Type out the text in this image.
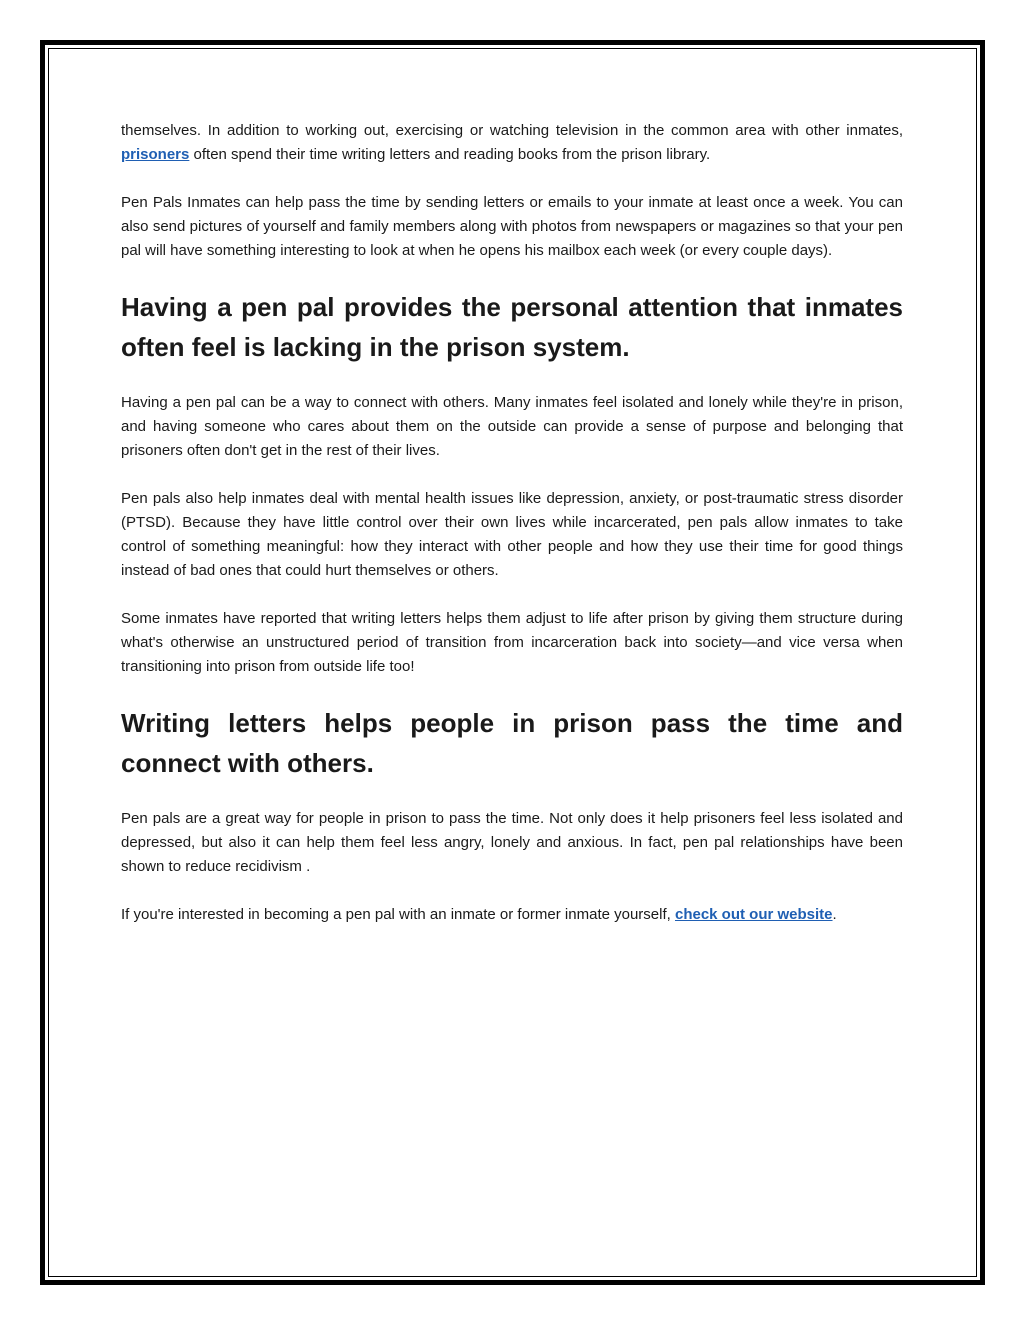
themselves. In addition to working out, exercising or watching television in the common area with other inmates, prisoners often spend their time writing letters and reading books from the prison library.

Pen Pals Inmates can help pass the time by sending letters or emails to your inmate at least once a week. You can also send pictures of yourself and family members along with photos from newspapers or magazines so that your pen pal will have something interesting to look at when he opens his mailbox each week (or every couple days).

Having a pen pal provides the personal attention that inmates often feel is lacking in the prison system.

Having a pen pal can be a way to connect with others. Many inmates feel isolated and lonely while they're in prison, and having someone who cares about them on the outside can provide a sense of purpose and belonging that prisoners often don't get in the rest of their lives.

Pen pals also help inmates deal with mental health issues like depression, anxiety, or post-traumatic stress disorder (PTSD). Because they have little control over their own lives while incarcerated, pen pals allow inmates to take control of something meaningful: how they interact with other people and how they use their time for good things instead of bad ones that could hurt themselves or others.

Some inmates have reported that writing letters helps them adjust to life after prison by giving them structure during what's otherwise an unstructured period of transition from incarceration back into society—and vice versa when transitioning into prison from outside life too!

Writing letters helps people in prison pass the time and connect with others.

Pen pals are a great way for people in prison to pass the time. Not only does it help prisoners feel less isolated and depressed, but also it can help them feel less angry, lonely and anxious. In fact, pen pal relationships have been shown to reduce recidivism .

If you're interested in becoming a pen pal with an inmate or former inmate yourself, check out our website.
